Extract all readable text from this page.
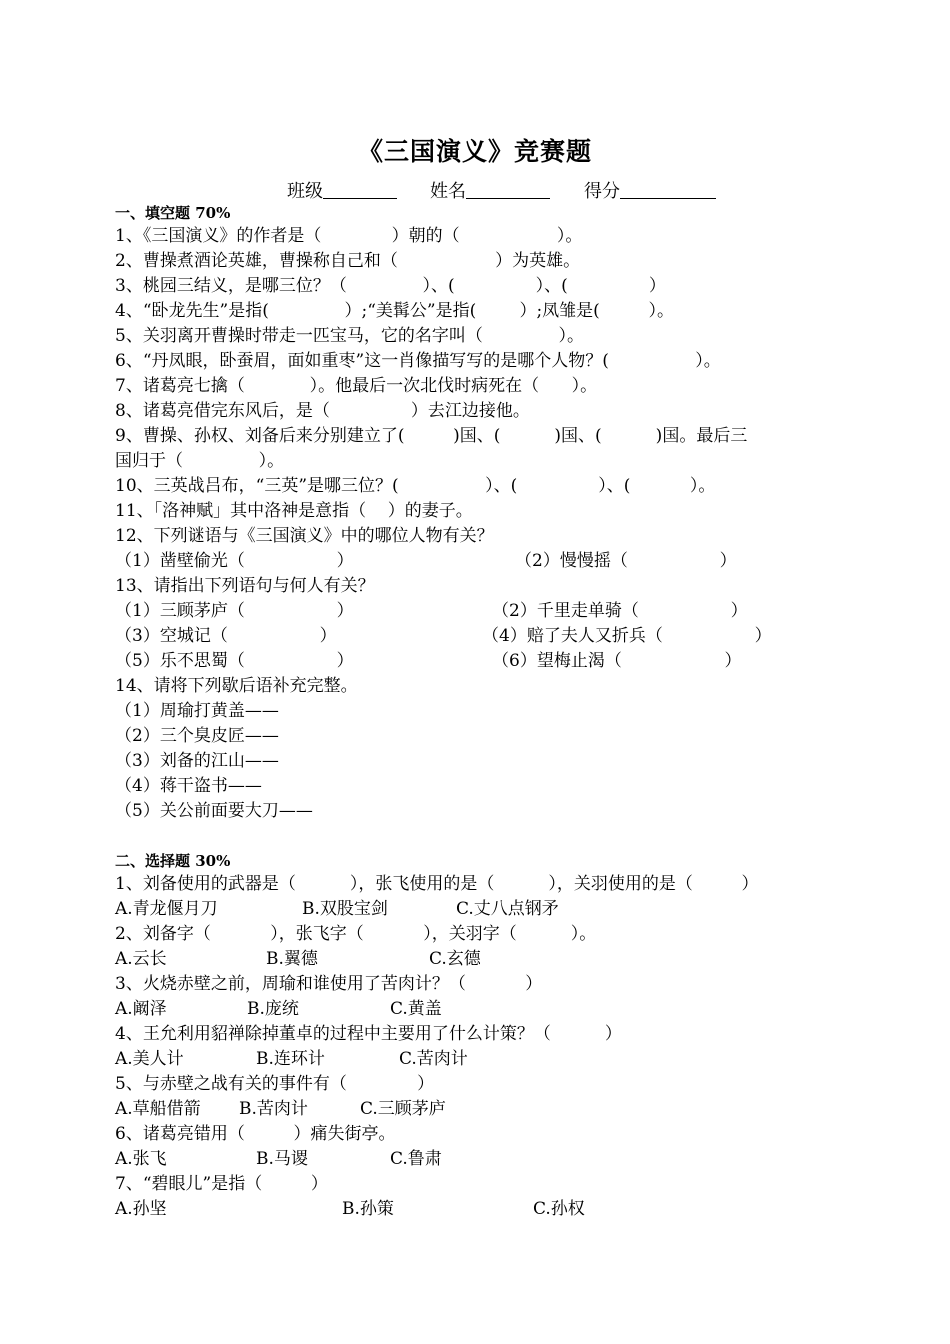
《三国演义》竞赛题
班级	姓名	得分
一、填空题 70%
1、《三国演义》的作者是（             ）朝的（                  ）。
2、曹操煮酒论英雄，曹操称自己和（                  ）为英雄。
3、桃园三结义，是哪三位？（              ）、(               ）、(               ）
4、“卧龙先生”是指(              ）;“美髯公”是指(        ）;凤雏是(         ）。
5、关羽离开曹操时带走一匹宝马，它的名字叫（              ）。
6、“丹凤眼，卧蚕眉，面如重枣”这一肖像描写写的是哪个人物？(                ）。
7、诸葛亮七擒（            ）。他最后一次北伐时病死在（      ）。
8、诸葛亮借完东风后，是（               ）去江边接他。
9、曹操、孙权、刘备后来分别建立了(         )国、(          )国、(          )国。最后三
国归于（              ）。
10、三英战吕布，“三英”是哪三位？(                ）、(               ）、(           ）。
11、「洛神赋」其中洛神是意指（    ）的妻子。
12、下列谜语与《三国演义》中的哪位人物有关？
（1）凿壁偷光（                 ）	（2）慢慢摇（                 ）
13、请指出下列语句与何人有关？
（1）三顾茅庐（                 ）	（2）千里走单骑（                 ）
（3）空城记（                 ）	（4）赔了夫人又折兵（                 ）
（5）乐不思蜀（                 ）	（6）望梅止渴（                   ）
14、请将下列歇后语补充完整。
（1）周瑜打黄盖——
（2）三个臭皮匠——
（3）刘备的江山——
（4）蒋干盗书——
（5）关公前面要大刀——
二、选择题 30%
1、刘备使用的武器是（          ），张飞使用的是（          ），关羽使用的是（         ）
A.青龙偃月刀	B.双股宝剑	C.丈八点钢矛
2、刘备字（           ），张飞字（           ），关羽字（          ）。
A.云长	B.翼德	C.玄德
3、火烧赤壁之前，周瑜和谁使用了苦肉计？（           ）
A.阚泽	B.庞统	C.黄盖
4、王允利用貂禅除掉董卓的过程中主要用了什么计策？（          ）
A.美人计	B.连环计	C.苦肉计
5、与赤壁之战有关的事件有（             ）
A.草船借箭 B.苦肉计	C.三顾茅庐
6、诸葛亮错用（         ）痛失街亭。
A.张飞	B.马谡	C.鲁肃
7、“碧眼儿”是指（         ）
A.孙坚	B.孙策	C.孙权
